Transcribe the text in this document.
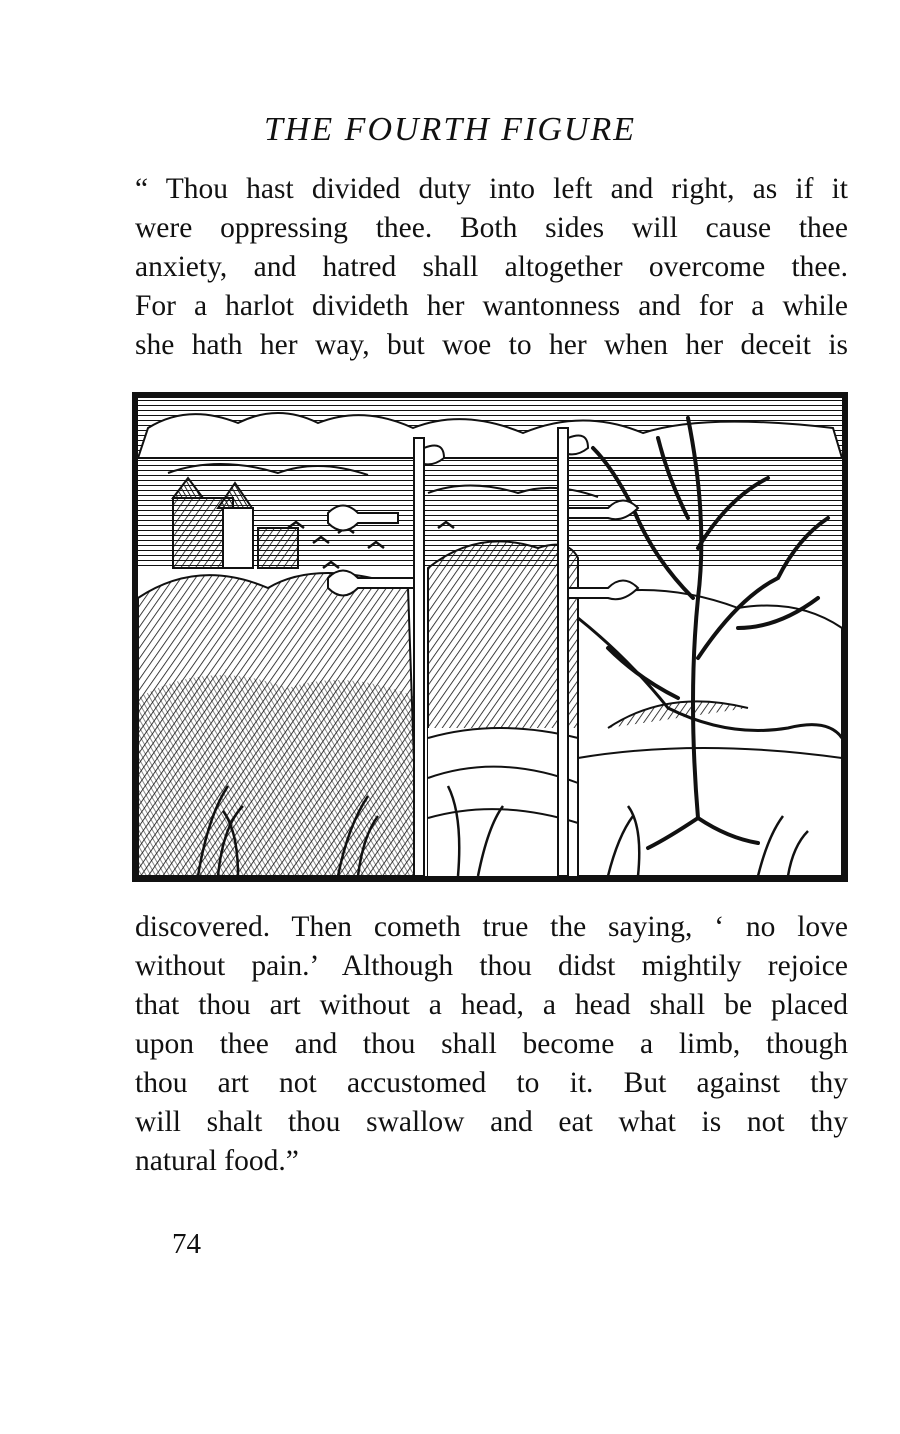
THE FOURTH FIGURE
“ Thou hast divided duty into left and right, as if it
were oppressing thee. Both sides will cause thee
anxiety, and hatred shall altogether overcome thee.
For a harlot divideth her wantonness and for a while
she hath her way, but woe to her when her deceit is
discovered. Then cometh true the saying, ‘ no love
without pain.’ Although thou didst mightily rejoice
that thou art without a head, a head shall be placed
upon thee and thou shall become a limb, though
thou art not accustomed to it. But against thy
will shalt thou swallow and eat what is not thy
natural food.”
74
